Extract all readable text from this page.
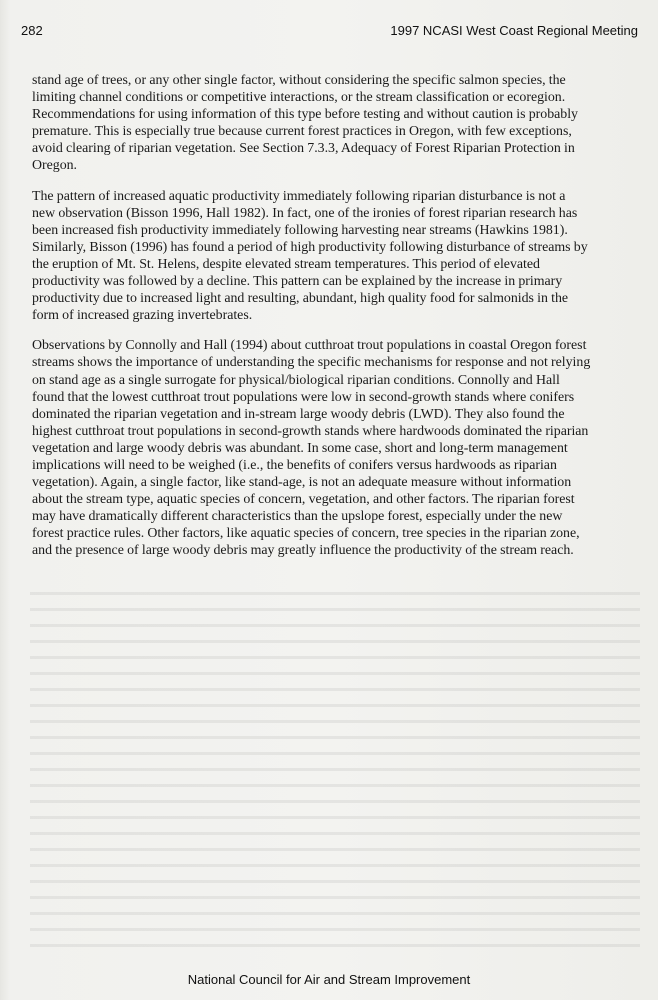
282	1997 NCASI West Coast Regional Meeting

stand age of trees, or any other single factor, without considering the specific salmon species, the
limiting channel conditions or competitive interactions, or the stream classification or ecoregion.
Recommendations for using information of this type before testing and without caution is probably
premature. This is especially true because current forest practices in Oregon, with few exceptions,
avoid clearing of riparian vegetation. See Section 7.3.3, Adequacy of Forest Riparian Protection in
Oregon.

The pattern of increased aquatic productivity immediately following riparian disturbance is not a
new observation (Bisson 1996, Hall 1982). In fact, one of the ironies of forest riparian research has
been increased fish productivity immediately following harvesting near streams (Hawkins 1981).
Similarly, Bisson (1996) has found a period of high productivity following disturbance of streams by
the eruption of Mt. St. Helens, despite elevated stream temperatures. This period of elevated
productivity was followed by a decline. This pattern can be explained by the increase in primary
productivity due to increased light and resulting, abundant, high quality food for salmonids in the
form of increased grazing invertebrates.

Observations by Connolly and Hall (1994) about cutthroat trout populations in coastal Oregon forest
streams shows the importance of understanding the specific mechanisms for response and not relying
on stand age as a single surrogate for physical/biological riparian conditions. Connolly and Hall
found that the lowest cutthroat trout populations were low in second-growth stands where conifers
dominated the riparian vegetation and in-stream large woody debris (LWD). They also found the
highest cutthroat trout populations in second-growth stands where hardwoods dominated the riparian
vegetation and large woody debris was abundant. In some case, short and long-term management
implications will need to be weighed (i.e., the benefits of conifers versus hardwoods as riparian
vegetation). Again, a single factor, like stand-age, is not an adequate measure without information
about the stream type, aquatic species of concern, vegetation, and other factors. The riparian forest
may have dramatically different characteristics than the upslope forest, especially under the new
forest practice rules. Other factors, like aquatic species of concern, tree species in the riparian zone,
and the presence of large woody debris may greatly influence the productivity of the stream reach.

National Council for Air and Stream Improvement
